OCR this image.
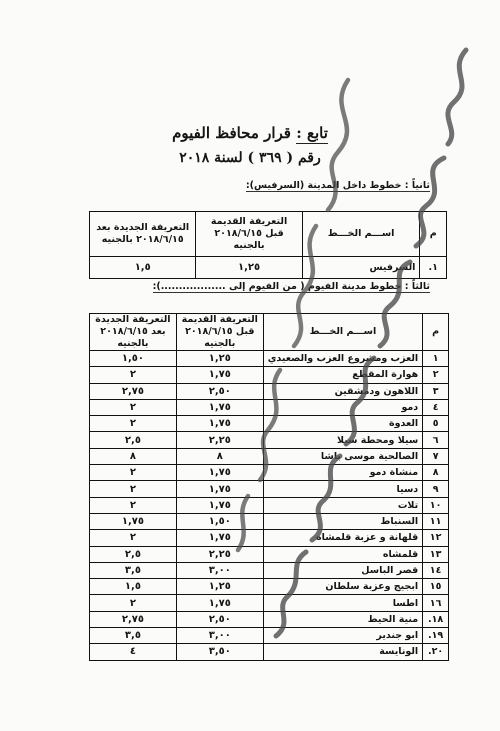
تابع : قرار محافظ الفيوم
رقم ( ٣٦٩ ) لسنة ٢٠١٨
ثانياً : خطوط داخل المدينة (السرفيس):
م	اســـم الخـــط	التعريفة القديمة قبل ٢٠١٨/٦/١٥ بالجنيه	التعريفة الجديدة بعد ٢٠١٨/٦/١٥ بالجنيه
١.	السرفيس	١,٢٥	١,٥
ثالثاً : خطوط مدينة الفيوم ( من الفيوم إلى ..................):
م	اســـم الخـــط	التعريفة القديمة قبل ٢٠١٨/٦/١٥ بالجنيه	التعريفة الجديدة بعد ٢٠١٨/٦/١٥ بالجنيه
١	العزب ومشروع العزب والصعيدي	١,٢٥	١,٥٠
٢	هوارة المقطع	١,٧٥	٢
٣	اللاهون ودمشقين	٢,٥٠	٢,٧٥
٤	دمو	١,٧٥	٢
٥	العدوة	١,٧٥	٢
٦	سيلا ومحطة سيلا	٢,٢٥	٢,٥
٧	الصالحية موسى باشا	٨	٨
٨	منشاة دمو	١,٧٥	٢
٩	دسيا	١,٧٥	٢
١٠	تلات	١,٧٥	٢
١١	السنباط	١,٥٠	١,٧٥
١٢	قلهانة و عزبة قلمشاه	١,٧٥	٢
١٣	قلمشاه	٢,٢٥	٢,٥
١٤	قصر الباسل	٣,٠٠	٣,٥
١٥	ابجيج وعزبة سلطان	١,٢٥	١,٥
١٦	اطسا	١,٧٥	٢
١٨.	منية الحيط	٢,٥٠	٢,٧٥
١٩.	ابو جندير	٣,٠٠	٣,٥
٢٠.	الونايسة	٣,٥٠	٤
